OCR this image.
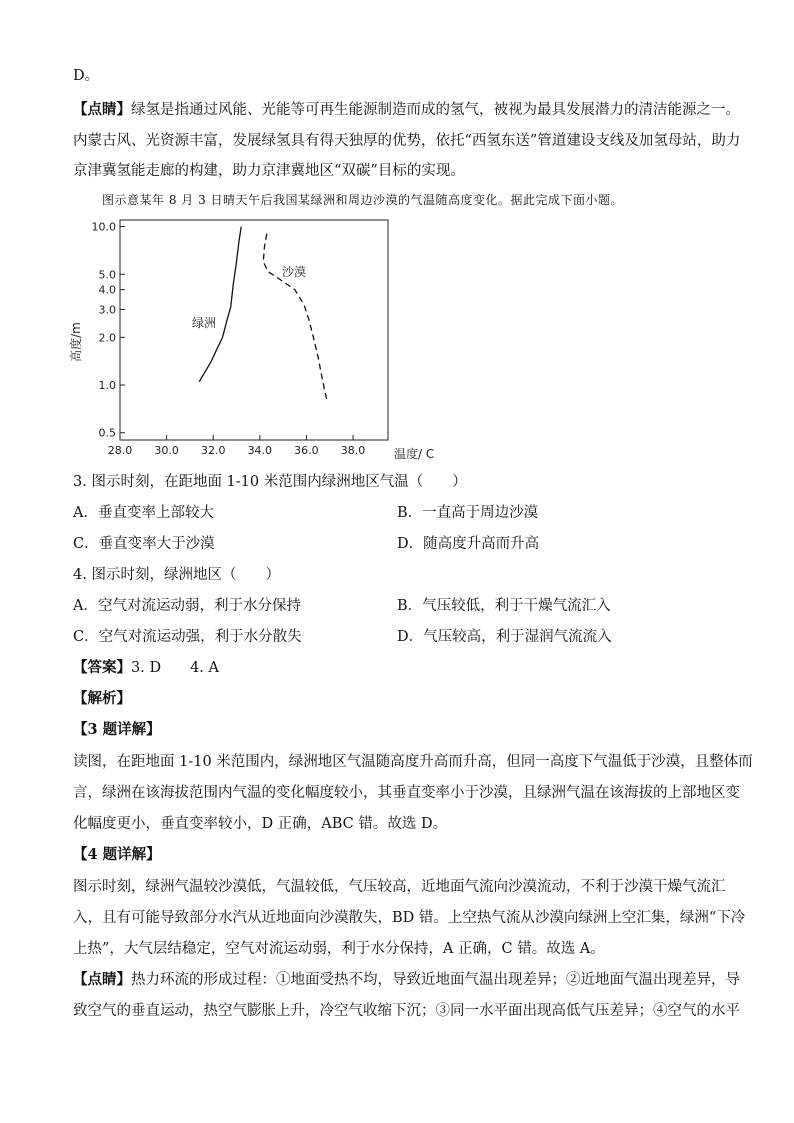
D。
【点睛】绿氢是指通过风能、光能等可再生能源制造而成的氢气，被视为最具发展潜力的清洁能源之一。
内蒙古风、光资源丰富，发展绿氢具有得天独厚的优势，依托“西氢东送”管道建设支线及加氢母站，助力
京津冀氢能走廊的构建，助力京津冀地区“双碳”目标的实现。
图示意某年 8 月 3 日晴天午后我国某绿洲和周边沙漠的气温随高度变化。据此完成下面小题。
0.5
1.0
2.0
3.0
4.0
5.0
10.0
28.0 30.0 32.0 34.0 36.0 38.0
高度/m
温度/ C
绿洲
沙漠
3. 图示时刻，在距地面 1-10 米范围内绿洲地区气温（　　）
A．垂直变率上部较大	B．一直高于周边沙漠
C．垂直变率大于沙漠	D．随高度升高而升高
4. 图示时刻，绿洲地区（　　）
A．空气对流运动弱，利于水分保持	B．气压较低，利于干燥气流汇入
C．空气对流运动强，利于水分散失	D．气压较高，利于湿润气流流入
【答案】3. D　　4. A
【解析】
【3 题详解】
读图，在距地面 1-10 米范围内，绿洲地区气温随高度升高而升高，但同一高度下气温低于沙漠，且整体而
言，绿洲在该海拔范围内气温的变化幅度较小，其垂直变率小于沙漠，且绿洲气温在该海拔的上部地区变
化幅度更小，垂直变率较小，D 正确，ABC 错。故选 D。
【4 题详解】
图示时刻，绿洲气温较沙漠低，气温较低，气压较高，近地面气流向沙漠流动，不利于沙漠干燥气流汇
入，且有可能导致部分水汽从近地面向沙漠散失，BD 错。上空热气流从沙漠向绿洲上空汇集，绿洲“下冷
上热”，大气层结稳定，空气对流运动弱，利于水分保持，A 正确，C 错。故选 A。
【点睛】热力环流的形成过程：①地面受热不均，导致近地面气温出现差异；②近地面气温出现差异，导
致空气的垂直运动，热空气膨胀上升，冷空气收缩下沉；③同一水平面出现高低气压差异；④空气的水平
